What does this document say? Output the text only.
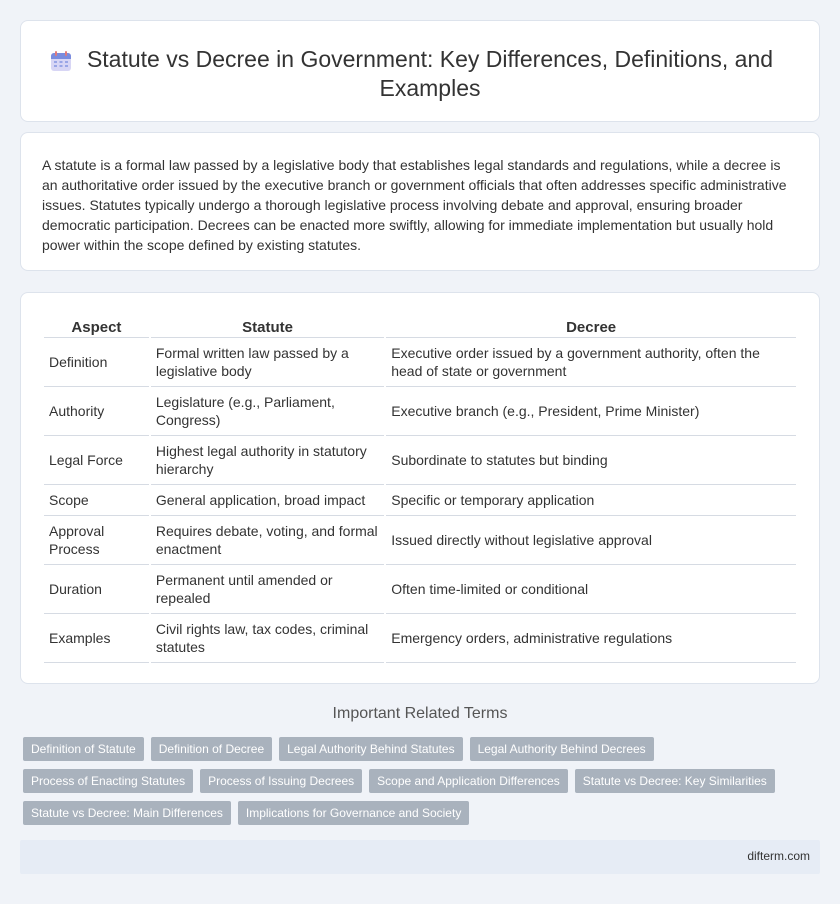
Statute vs Decree in Government: Key Differences, Definitions, and Examples

A statute is a formal law passed by a legislative body that establishes legal standards and regulations, while a decree is an authoritative order issued by the executive branch or government officials that often addresses specific administrative issues. Statutes typically undergo a thorough legislative process involving debate and approval, ensuring broader democratic participation. Decrees can be enacted more swiftly, allowing for immediate implementation but usually hold power within the scope defined by existing statutes.

Aspect	Statute	Decree
Definition	Formal written law passed by a legislative body	Executive order issued by a government authority, often the head of state or government
Authority	Legislature (e.g., Parliament, Congress)	Executive branch (e.g., President, Prime Minister)
Legal Force	Highest legal authority in statutory hierarchy	Subordinate to statutes but binding
Scope	General application, broad impact	Specific or temporary application
Approval Process	Requires debate, voting, and formal enactment	Issued directly without legislative approval
Duration	Permanent until amended or repealed	Often time-limited or conditional
Examples	Civil rights law, tax codes, criminal statutes	Emergency orders, administrative regulations
Important Related Terms
Definition of Statute	Definition of Decree	Legal Authority Behind Statutes	Legal Authority Behind Decrees
Process of Enacting Statutes	Process of Issuing Decrees	Scope and Application Differences	Statute vs Decree: Key Similarities
Statute vs Decree: Main Differences	Implications for Governance and Society
difterm.com
